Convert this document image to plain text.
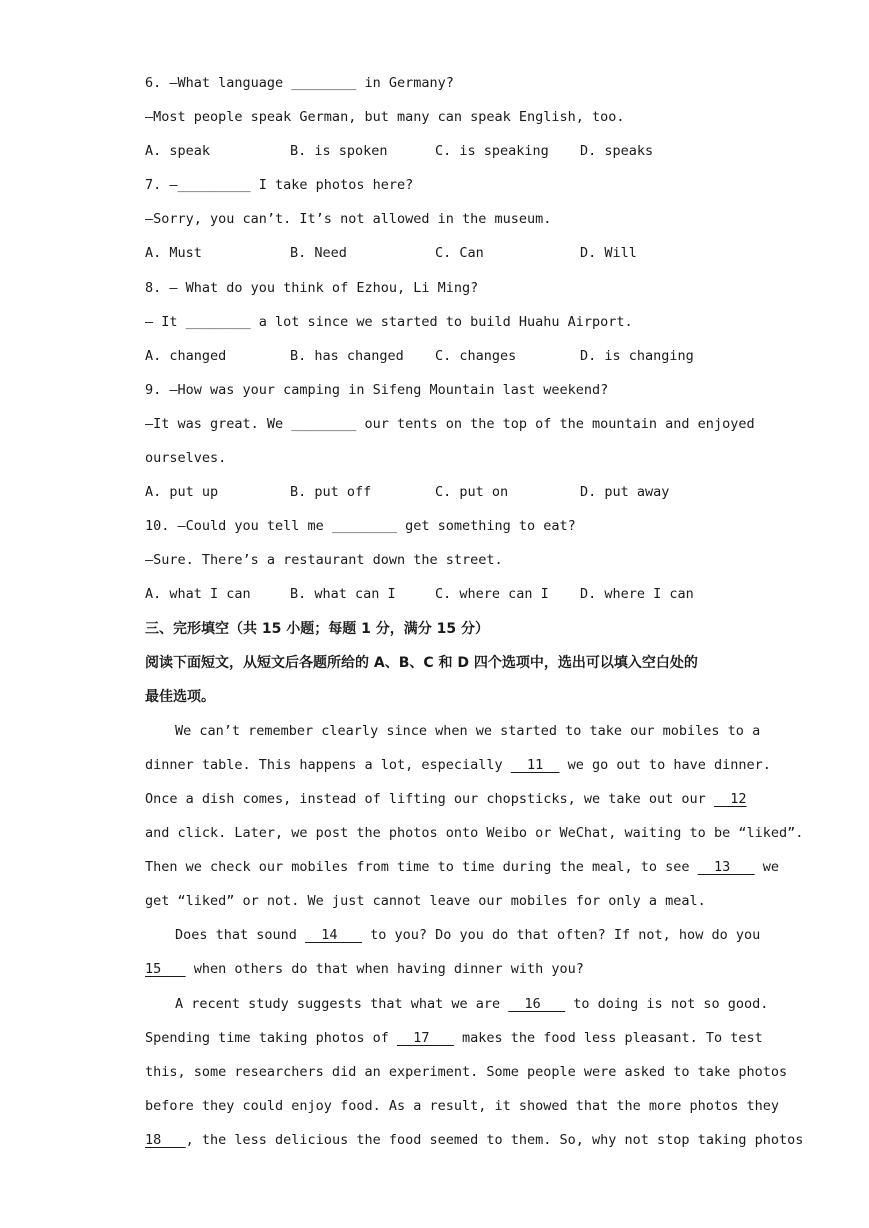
6. —What language ________ in Germany?
—Most people speak German, but many can speak English, too.
A. speak	B. is spoken	C. is speaking	D. speaks
7. —_________ I take photos here?
—Sorry, you can’t. It’s not allowed in the museum.
A. Must	B. Need	C. Can	D. Will
8. — What do you think of Ezhou, Li Ming?
— It ________ a lot since we started to build Huahu Airport.
A. changed	B. has changed	C. changes	D. is changing
9. —How was your camping in Sifeng Mountain last weekend?
—It was great. We ________ our tents on the top of the mountain and enjoyed
ourselves.
A. put up	B. put off	C. put on	D. put away
10. —Could you tell me ________ get something to eat?
—Sure. There’s a restaurant down the street.
A. what I can	B. what can I	C. where can I	D. where I can
三、完形填空（共 15 小题；每题 1 分，满分 15 分）
阅读下面短文，从短文后各题所给的 A、B、C 和 D 四个选项中，选出可以填入空白处的
最佳选项。
We can’t remember clearly since when we started to take our mobiles to a
dinner table. This happens a lot, especially   11   we go out to have dinner.
Once a dish comes, instead of lifting our chopsticks, we take out our   12
and click. Later, we post the photos onto Weibo or WeChat, waiting to be “liked”.
Then we check our mobiles from time to time during the meal, to see   13    we
get “liked” or not. We just cannot leave our mobiles for only a meal.
Does that sound   14    to you? Do you do that often? If not, how do you
15    when others do that when having dinner with you?
A recent study suggests that what we are   16    to doing is not so good.
Spending time taking photos of   17    makes the food less pleasant. To test
this, some researchers did an experiment. Some people were asked to take photos
before they could enjoy food. As a result, it showed that the more photos they
18   , the less delicious the food seemed to them. So, why not stop taking photos
